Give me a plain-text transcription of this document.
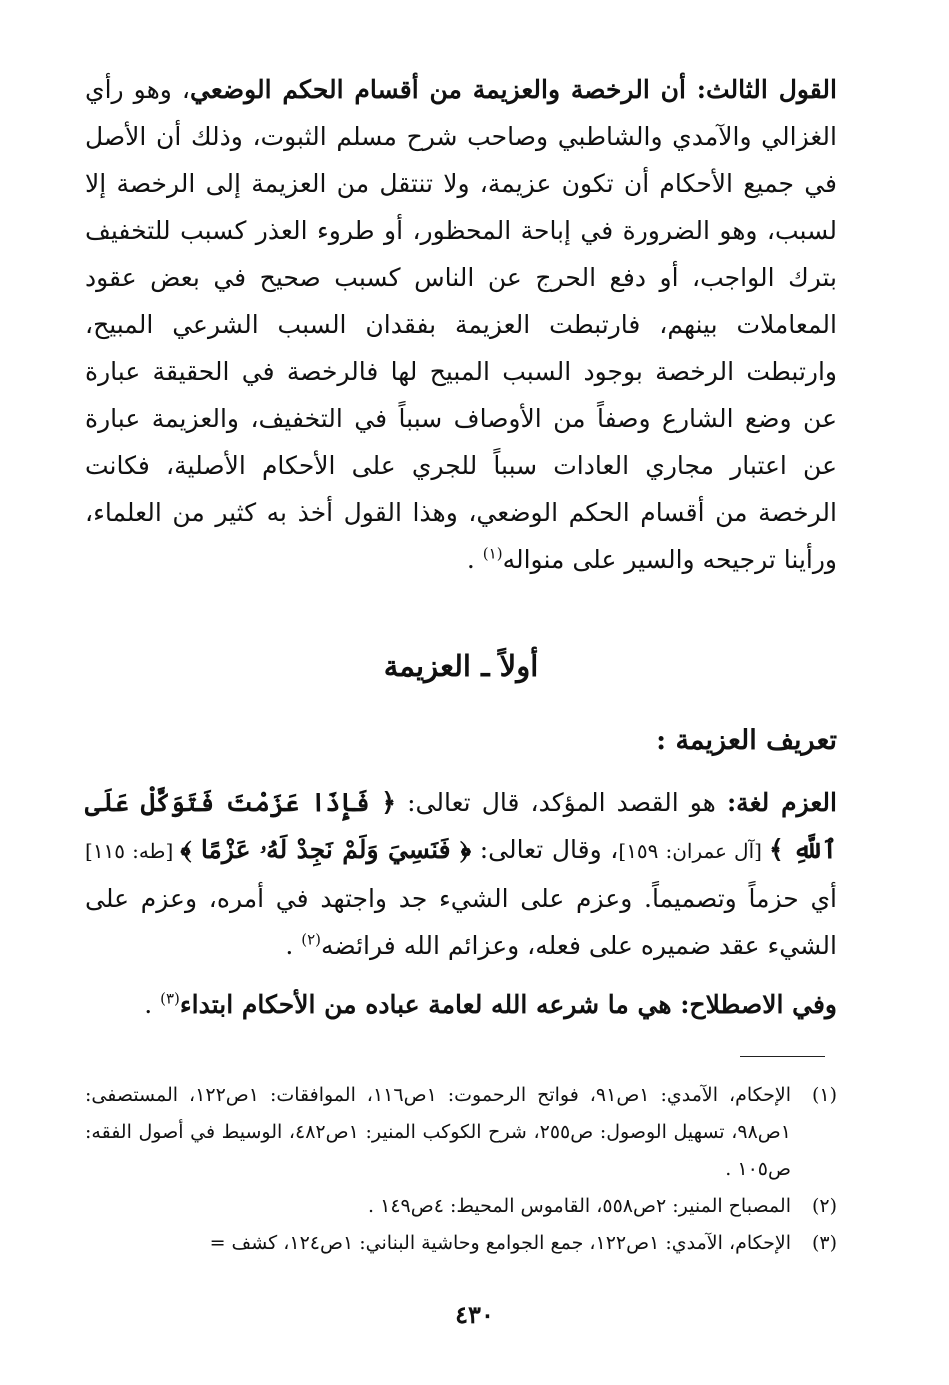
القول الثالث: أن الرخصة والعزيمة من أقسام الحكم الوضعي، وهو رأي الغزالي والآمدي والشاطبي وصاحب شرح مسلم الثبوت، وذلك أن الأصل في جميع الأحكام أن تكون عزيمة، ولا تنتقل من العزيمة إلى الرخصة إلا لسبب، وهو الضرورة في إباحة المحظور، أو طروء العذر كسبب للتخفيف بترك الواجب، أو دفع الحرج عن الناس كسبب صحيح في بعض عقود المعاملات بينهم، فارتبطت العزيمة بفقدان السبب الشرعي المبيح، وارتبطت الرخصة بوجود السبب المبيح لها فالرخصة في الحقيقة عبارة عن وضع الشارع وصفاً من الأوصاف سبباً في التخفيف، والعزيمة عبارة عن اعتبار مجاري العادات سبباً للجري على الأحكام الأصلية، فكانت الرخصة من أقسام الحكم الوضعي، وهذا القول أخذ به كثير من العلماء، ورأينا ترجيحه والسير على منواله$^{(١)}$ .

أولاً ـ العزيمة
تعريف العزيمة :

العزم لغة: هو القصد المؤكد، قال تعالى: ﴿ فَإِذَا عَزَمْتَ فَتَوَكَّلْ عَلَى ٱللَّهِ ﴾ [آل عمران: ١٥٩]، وقال تعالى: ﴿ فَنَسِيَ وَلَمْ نَجِدْ لَهُۥ عَزْمًا ﴾ [طه: ١١٥] أي حزماً وتصميماً. وعزم على الشيء جد واجتهد في أمره، وعزم على الشيء عقد ضميره على فعله، وعزائم الله فرائضه$^{(٢)}$ .

وفي الاصطلاح: هي ما شرعه الله لعامة عباده من الأحكام ابتداء$^{(٣)}$ .

(١)
الإحكام، الآمدي: ١ص٩١، فواتح الرحموت: ١ص١١٦، الموافقات: ١ص١٢٢، المستصفى: ١ص٩٨، تسهيل الوصول: ص٢٥٥، شرح الكوكب المنير: ١ص٤٨٢، الوسيط في أصول الفقه: ص١٠٥ .
(٢)
المصباح المنير: ٢ص٥٥٨، القاموس المحيط: ٤ص١٤٩ .
(٣)
الإحكام، الآمدي: ١ص١٢٢، جمع الجوامع وحاشية البناني: ١ص١٢٤، كشف =
٤٣٠
